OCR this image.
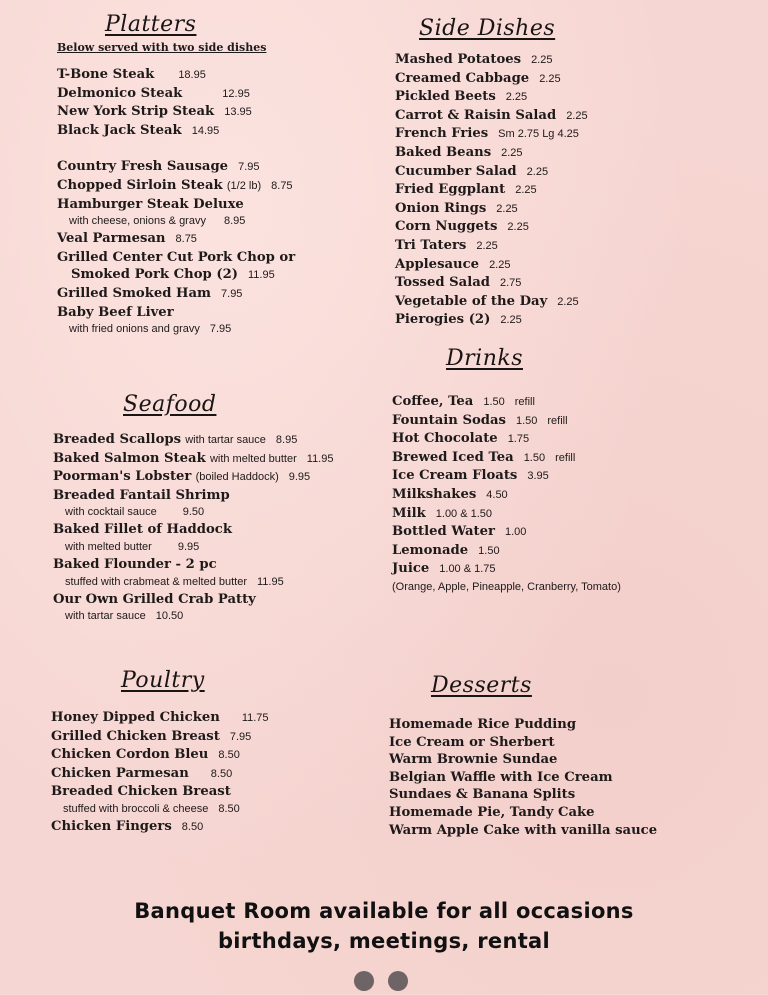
Platters
Below served with two side dishes
T-Bone Steak 18.95
Delmonico Steak	12.95
New York Strip Steak 13.95
Black Jack Steak 14.95
Country Fresh Sausage 7.95
Chopped Sirloin Steak (1/2 lb) 8.75
Hamburger Steak Deluxe
with cheese, onions & gravy 8.95
Veal Parmesan 8.75
Grilled Center Cut Pork Chop or
Smoked Pork Chop (2) 11.95
Grilled Smoked Ham 7.95
Baby Beef Liver
with fried onions and gravy 7.95
Side Dishes
Mashed Potatoes 2.25
Creamed Cabbage 2.25
Pickled Beets 2.25
Carrot & Raisin Salad 2.25
French Fries Sm 2.75 Lg 4.25
Baked Beans 2.25
Cucumber Salad 2.25
Fried Eggplant 2.25
Onion Rings 2.25
Corn Nuggets 2.25
Tri Taters 2.25
Applesauce 2.25
Tossed Salad 2.75
Vegetable of the Day 2.25
Pierogies (2) 2.25
Seafood
Breaded Scallops with tartar sauce 8.95
Baked Salmon Steak with melted butter 11.95
Poorman's Lobster (boiled Haddock) 9.95
Breaded Fantail Shrimp
with cocktail sauce 9.50
Baked Fillet of Haddock
with melted butter 9.95
Baked Flounder - 2 pc
stuffed with crabmeat & melted butter 11.95
Our Own Grilled Crab Patty
with tartar sauce 10.50
Drinks
Coffee, Tea 1.50 refill
Fountain Sodas 1.50 refill
Hot Chocolate 1.75
Brewed Iced Tea 1.50 refill
Ice Cream Floats 3.95
Milkshakes 4.50
Milk 1.00 & 1.50
Bottled Water 1.00
Lemonade 1.50
Juice 1.00 & 1.75
(Orange, Apple, Pineapple, Cranberry, Tomato)
Poultry
Honey Dipped Chicken 11.75
Grilled Chicken Breast 7.95
Chicken Cordon Bleu 8.50
Chicken Parmesan 8.50
Breaded Chicken Breast
stuffed with broccoli & cheese 8.50
Chicken Fingers 8.50
Desserts
Homemade Rice Pudding
Ice Cream or Sherbert
Warm Brownie Sundae
Belgian Waffle with Ice Cream
Sundaes & Banana Splits
Homemade Pie, Tandy Cake
Warm Apple Cake with vanilla sauce
Banquet Room available for all occasions
birthdays, meetings, rental
